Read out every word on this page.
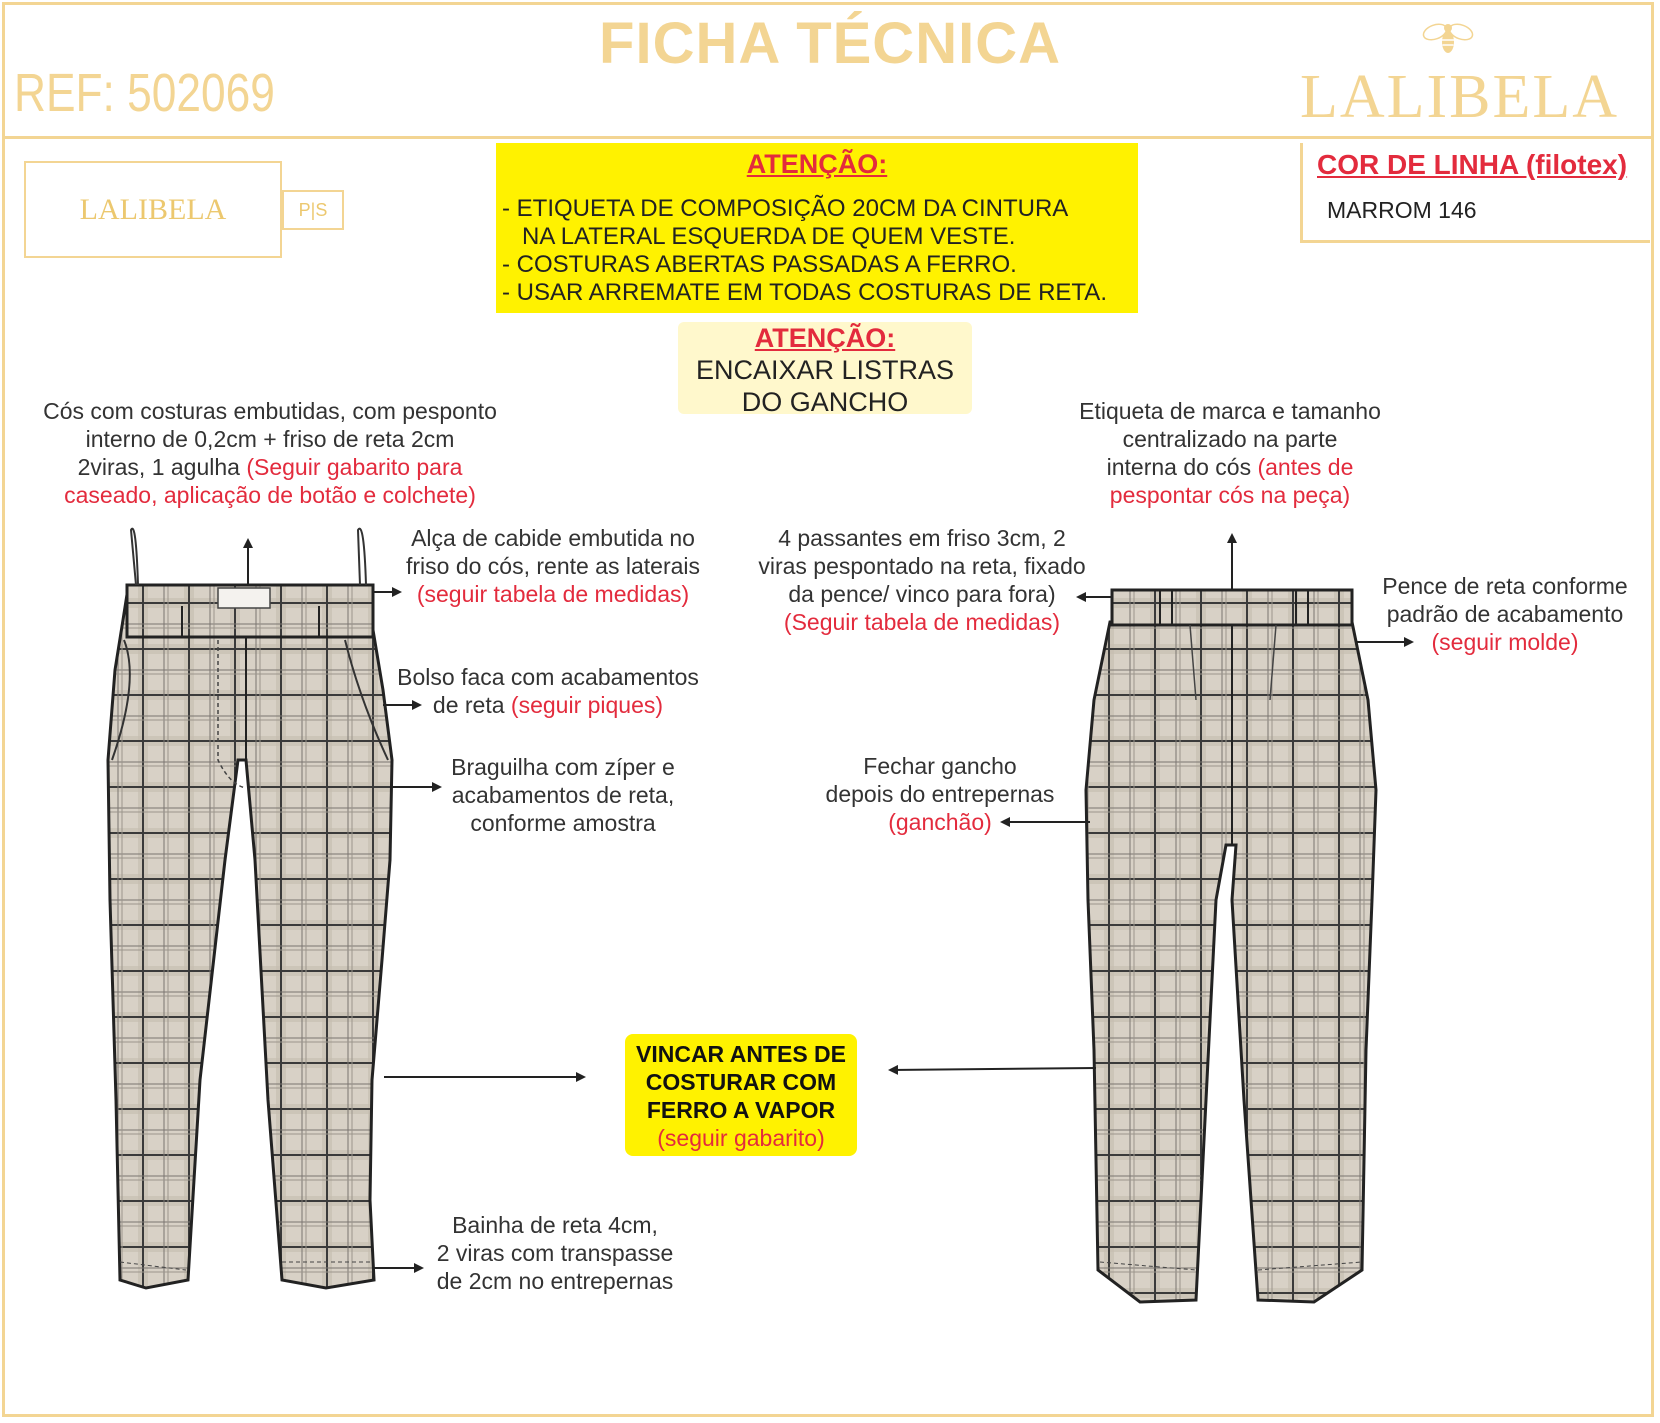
FICHA TÉCNICA
REF: 502069	LALIBELA
LALIBELA	P|S
ATENÇÃO:
- ETIQUETA DE COMPOSIÇÃO 20CM DA CINTURA
NA LATERAL ESQUERDA DE QUEM VESTE.
- COSTURAS ABERTAS PASSADAS A FERRO.
- USAR ARREMATE EM TODAS COSTURAS DE RETA.
COR DE LINHA (filotex)
MARROM 146
ATENÇÃO:
ENCAIXAR LISTRAS
DO GANCHO
Cós com costuras embutidas, com pesponto
interno de 0,2cm + friso de reta 2cm
2viras, 1 agulha (Seguir gabarito para
caseado, aplicação de botão e colchete)
Alça de cabide embutida no
friso do cós, rente as laterais
(seguir tabela de medidas)
Bolso faca com acabamentos
de reta (seguir piques)
Braguilha com zíper e
acabamentos de reta,
conforme amostra
Bainha de reta 4cm,
2 viras com transpasse
de 2cm no entrepernas
Etiqueta de marca e tamanho
centralizado na parte
interna do cós (antes de
pespontar cós na peça)
4 passantes em friso 3cm, 2
viras pespontado na reta, fixado
da pence/ vinco para fora)
(Seguir tabela de medidas)
Pence de reta conforme
padrão de acabamento
(seguir molde)
Fechar gancho
depois do entrepernas
(ganchão)
VINCAR ANTES DE
COSTURAR COM
FERRO A VAPOR
(seguir gabarito)
